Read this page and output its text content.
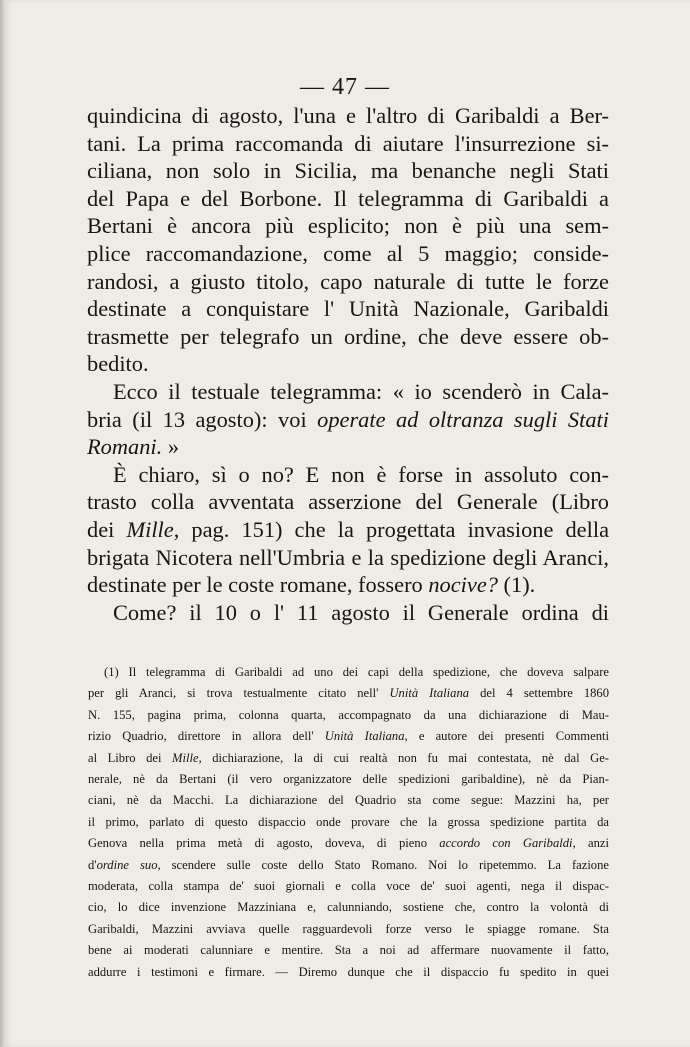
— 47 —
quindicina di agosto, l'una e l'altro di Garibaldi a Ber-
tani. La prima raccomanda di aiutare l'insurrezione si-
ciliana, non solo in Sicilia, ma benanche negli Stati
del Papa e del Borbone. Il telegramma di Garibaldi a
Bertani è ancora più esplicito; non è più una sem-
plice raccomandazione, come al 5 maggio; conside-
randosi, a giusto titolo, capo naturale di tutte le forze
destinate a conquistare l' Unità Nazionale, Garibaldi
trasmette per telegrafo un ordine, che deve essere ob-
bedito.
Ecco il testuale telegramma: « io scenderò in Cala-
bria (il 13 agosto): voi operate ad oltranza sugli Stati
Romani. »
È chiaro, sì o no? E non è forse in assoluto con-
trasto colla avventata asserzione del Generale (Libro
dei Mille, pag. 151) che la progettata invasione della
brigata Nicotera nell'Umbria e la spedizione degli Aranci,
destinate per le coste romane, fossero nocive? (1).
Come? il 10 o l' 11 agosto il Generale ordina di
(1) Il telegramma di Garibaldi ad uno dei capi della spedizione, che doveva salpare
per gli Aranci, si trova testualmente citato nell' Unità Italiana del 4 settembre 1860
N. 155, pagina prima, colonna quarta, accompagnato da una dichiarazione di Mau-
rizio Quadrio, direttore in allora dell' Unità Italiana, e autore dei presenti Commenti
al Libro dei Mille, dichiarazione, la di cui realtà non fu mai contestata, nè dal Ge-
nerale, nè da Bertani (il vero organizzatore delle spedizioni garibaldine), nè da Pian-
ciani, nè da Macchi. La dichiarazione del Quadrio sta come segue: Mazzini ha, per
il primo, parlato di questo dispaccio onde provare che la grossa spedizione partita da
Genova nella prima metà di agosto, doveva, di pieno accordo con Garibaldi, anzi
d'ordine suo, scendere sulle coste dello Stato Romano. Noi lo ripetemmo. La fazione
moderata, colla stampa de' suoi giornali e colla voce de' suoi agenti, nega il dispac-
cio, lo dice invenzione Mazziniana e, calunniando, sostiene che, contro la volontà di
Garibaldi, Mazzini avviava quelle ragguardevoli forze verso le spiagge romane. Sta
bene ai moderati calunniare e mentire. Sta a noi ad affermare nuovamente il fatto,
addurre i testimoni e firmare. — Diremo dunque che il dispaccio fu spedito in quei
